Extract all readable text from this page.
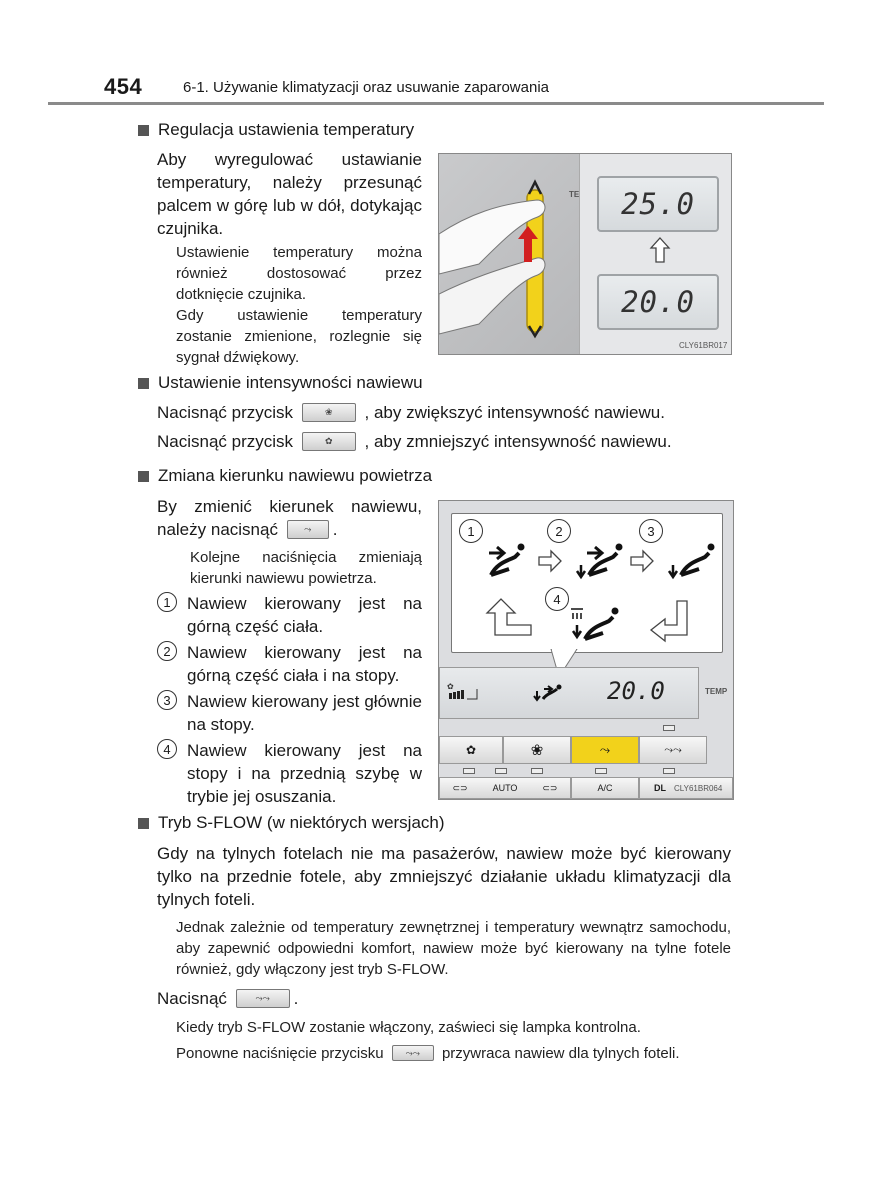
454	6-1. Używanie klimatyzacji oraz usuwanie zaparowania
Regulacja ustawienia temperatury
Aby wyregulować ustawianie temperatury, należy przesunąć palcem w górę lub w dół, dotykając czujnika.
Ustawienie temperatury można również dostosować przez dotknięcie czujnika.
Gdy ustawienie temperatury zostanie zmienione, rozlegnie się sygnał dźwiękowy.
TE	25.0
20.0
CLY61BR017
Ustawienie intensywności nawiewu
Nacisnąć przycisk	❀ , aby zwiększyć intensywność nawiewu.
Nacisnąć przycisk	✿ , aby zmniejszyć intensywność nawiewu.
Zmiana kierunku nawiewu powietrza
By zmienić kierunek nawiewu,
należy nacisnąć	⤳ .
Kolejne naciśnięcia zmieniają kierunki nawiewu powietrza.
1 Nawiew kierowany jest na górną część ciała.
2 Nawiew kierowany jest na górną część ciała i na stopy.
3 Nawiew kierowany jest głównie na stopy.
4 Nawiew kierowany jest na stopy i na przednią szybę w trybie jej osuszania.
1	2	3
4
✿	20.0	TEMP
✿	❀	⤳	⤳⤳
⊂⊃	AUTO	⊂⊃	A/C	DL CLY61BR064
Tryb S-FLOW (w niektórych wersjach)
Gdy na tylnych fotelach nie ma pasażerów, nawiew może być kierowany tylko na przednie fotele, aby zmniejszyć działanie układu klimatyzacji dla tylnych foteli.
Jednak zależnie od temperatury zewnętrznej i temperatury wewnątrz samochodu, aby zapewnić odpowiedni komfort, nawiew może być kierowany na tylne fotele również, gdy włączony jest tryb S-FLOW.
Nacisnąć	⤳⤳ .
Kiedy tryb S-FLOW zostanie włączony, zaświeci się lampka kontrolna.
Ponowne naciśnięcie przycisku ⤳⤳ przywraca nawiew dla tylnych foteli.
